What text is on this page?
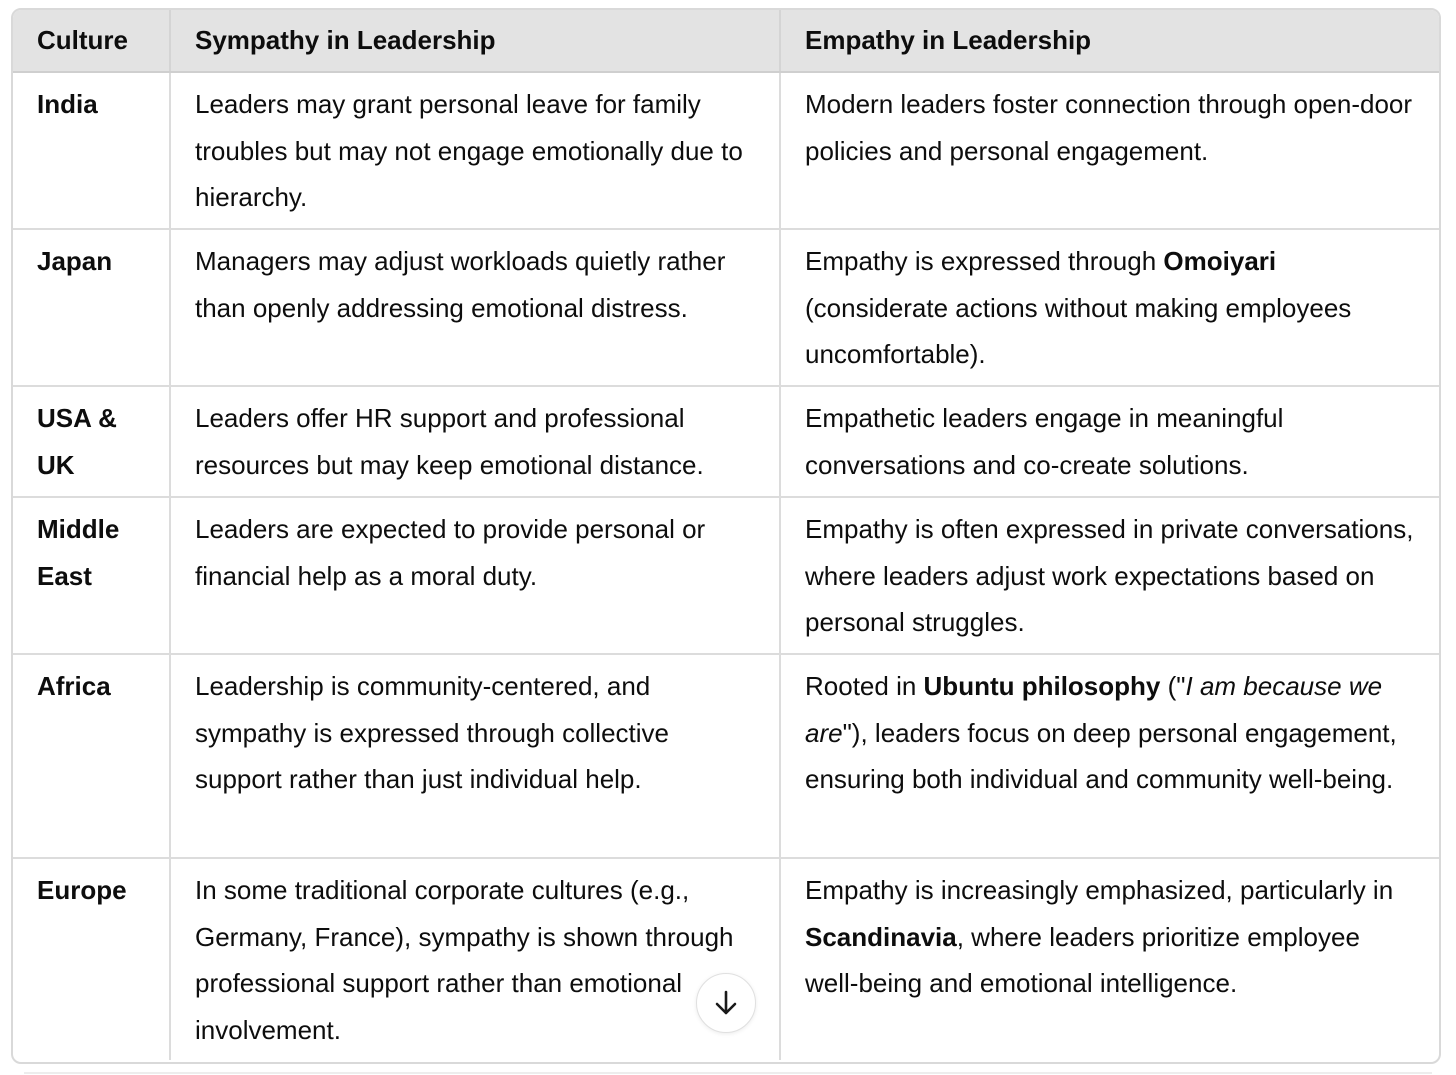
Culture	Sympathy in Leadership	Empathy in Leadership
India	Leaders may grant personal leave for family troubles but may not engage emotionally due to hierarchy.	Modern leaders foster connection through open-door policies and personal engagement.
Japan	Managers may adjust workloads quietly rather than openly addressing emotional distress.	Empathy is expressed through Omoiyari (considerate actions without making employees uncomfortable).
USA & UK	Leaders offer HR support and professional resources but may keep emotional distance.	Empathetic leaders engage in meaningful conversations and co-create solutions.
Middle East	Leaders are expected to provide personal or financial help as a moral duty.	Empathy is often expressed in private conversations, where leaders adjust work expectations based on personal struggles.
Africa	Leadership is community-centered, and sympathy is expressed through collective support rather than just individual help.	Rooted in Ubuntu philosophy ("I am because we are"), leaders focus on deep personal engagement, ensuring both individual and community well-being.
Europe	In some traditional corporate cultures (e.g., Germany, France), sympathy is shown through professional support rather than emotional involvement.	Empathy is increasingly emphasized, particularly in Scandinavia, where leaders prioritize employee well-being and emotional intelligence.
